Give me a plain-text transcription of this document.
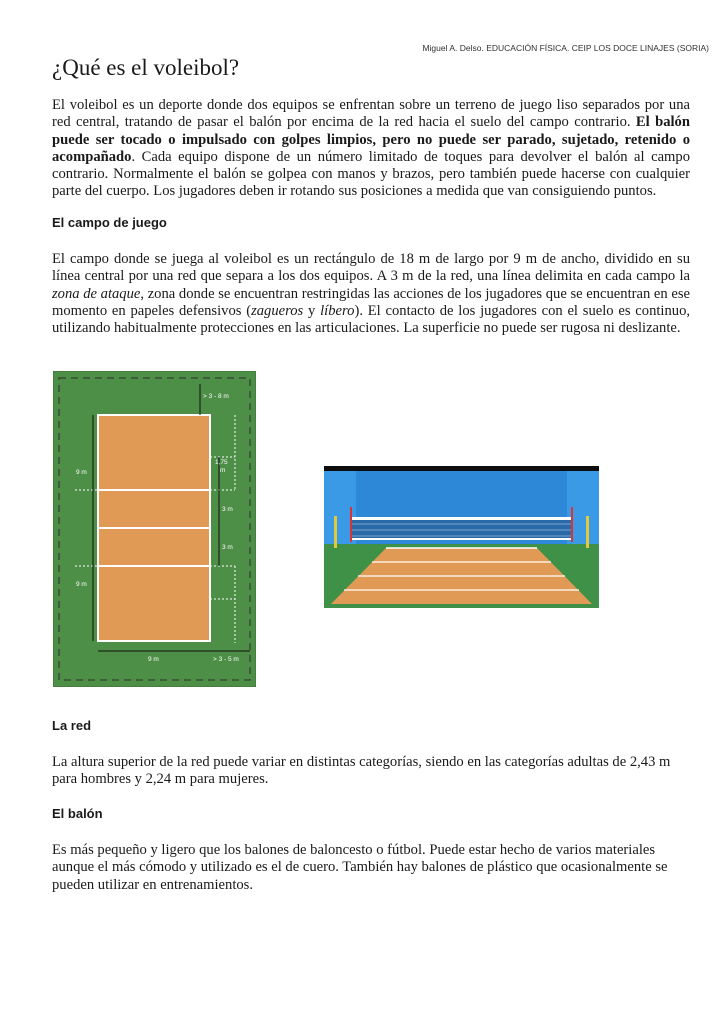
Miguel A. Delso. EDUCACIÓN FÍSICA. CEIP LOS DOCE LINAJES (SORIA)
¿Qué es el voleibol?

El voleibol es un deporte donde dos equipos se enfrentan sobre un terreno de juego liso separados por una red central, tratando de pasar el balón por encima de la red hacia el suelo del campo contrario. El balón puede ser tocado o impulsado con golpes limpios, pero no puede ser parado, sujetado, retenido o acompañado. Cada equipo dispone de un número limitado de toques para devolver el balón al campo contrario. Normalmente el balón se golpea con manos y brazos, pero también puede hacerse con cualquier parte del cuerpo. Los jugadores deben ir rotando sus posiciones a medida que van consiguiendo puntos.

El campo de juego

El campo donde se juega al voleibol es un rectángulo de 18 m de largo por 9 m de ancho, dividido en su línea central por una red que separa a los dos equipos. A 3 m de la red, una línea delimita en cada campo la zona de ataque, zona donde se encuentran restringidas las acciones de los jugadores que se encuentran en ese momento en papeles defensivos (zagueros y líbero). El contacto de los jugadores con el suelo es continuo, utilizando habitualmente protecciones en las articulaciones. La superficie no puede ser rugosa ni deslizante.

> 3 - 8 m
9 m
9 m
1,75
m
3 m
3 m
9 m	> 3 - 5 m
La red

La altura superior de la red puede variar en distintas categorías, siendo en las categorías adultas de 2,43 m para hombres y 2,24 m para mujeres.

El balón

Es más pequeño y ligero que los balones de baloncesto o fútbol. Puede estar hecho de varios materiales aunque el más cómodo y utilizado es el de cuero. También hay balones de plástico que ocasionalmente se pueden utilizar en entrenamientos.
